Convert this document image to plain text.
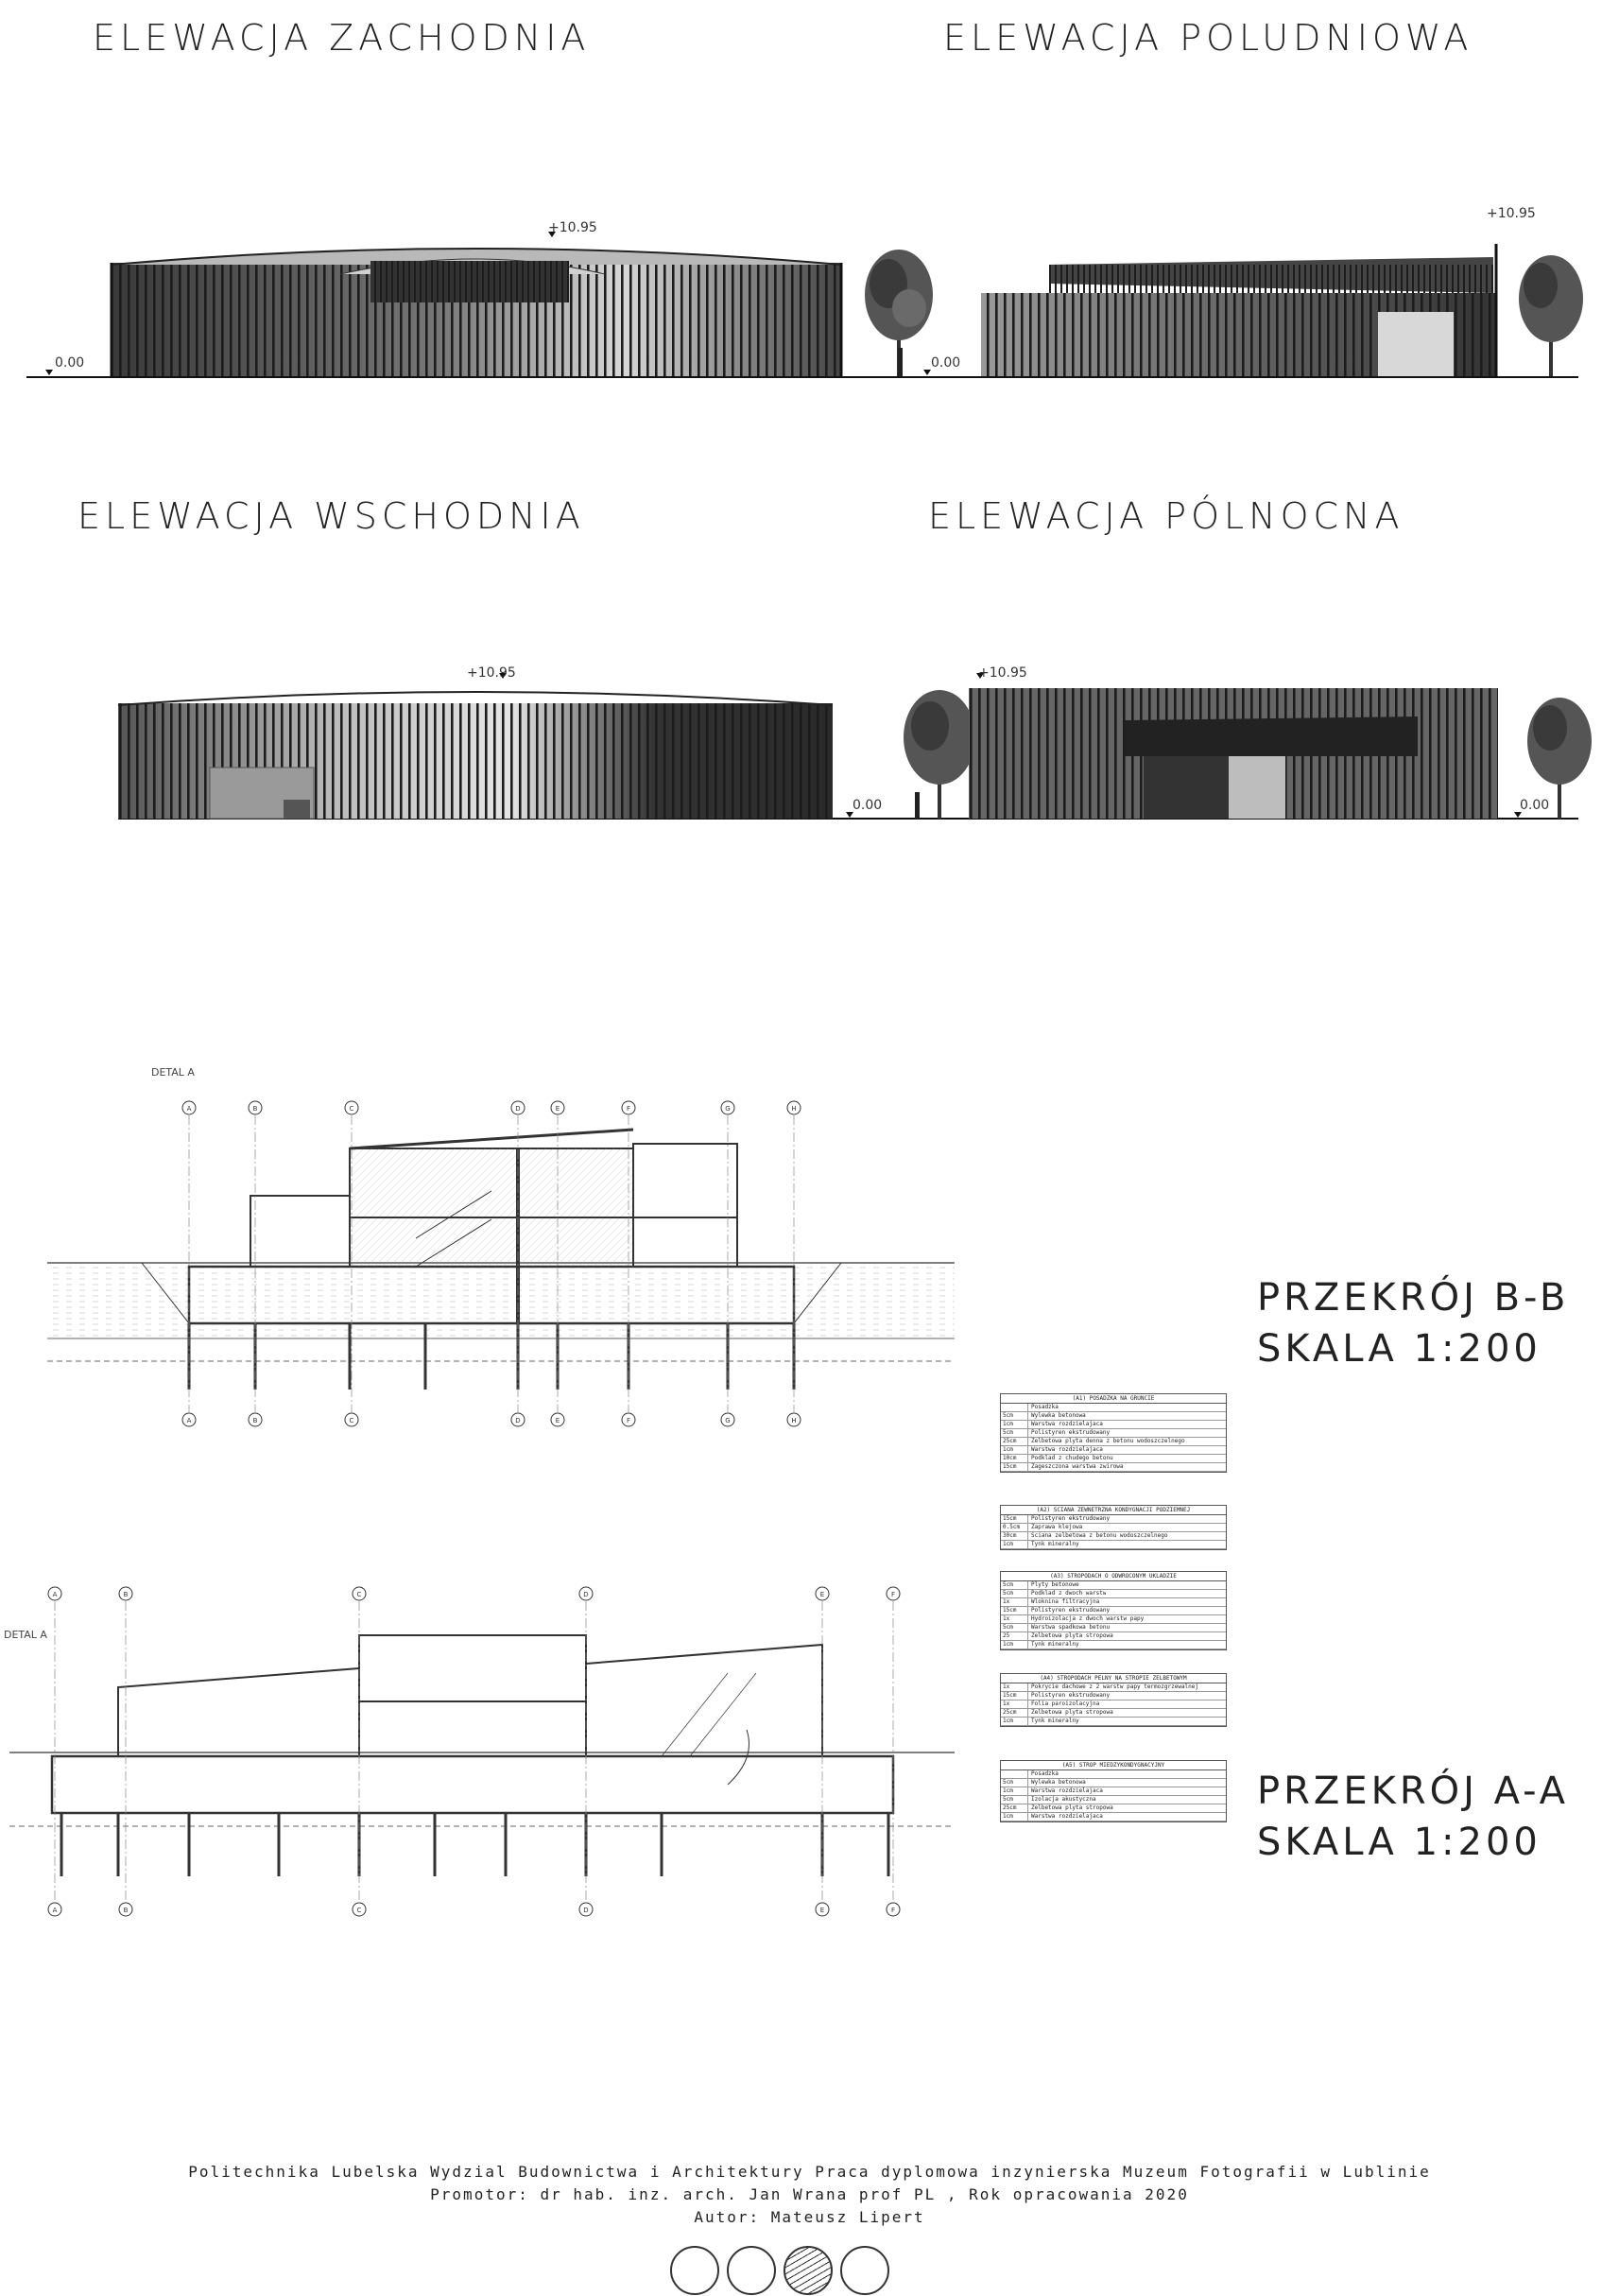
ELEWACJA ZACHODNIA	ELEWACJA POLUDNIOWA
ELEWACJA WSCHODNIA	ELEWACJA PÓLNOCNA
+10.95
0.00
+10.95
0.00
+10.95
0.00
+10.95
0.00
DETAL A
A
A
B
B
C
C
D
D
E
E
F
F
G
G
H
H
DETAL A
A
A
B
B
C
C
D
D
E
E
F
F
PRZEKRÓJ B-B
SKALA 1:200
PRZEKRÓJ A-A
SKALA 1:200
(A1) POSADZKA NA GRUNCIE
Posadzka
5cm	Wylewka betonowa
1cm	Warstwa rozdzielajaca
5cm	Polistyren ekstrudowany
25cm	Zelbetowa plyta denna z betonu wodoszczelnego
1cm	Warstwa rozdzielajaca
10cm	Podklad z chudego betonu
15cm	Zageszczona warstwa zwirowa
(A2) SCIANA ZEWNETRZNA KONDYGNACJI PODZIEMNEJ
15cm	Polistyren ekstrudowany
0.5cm	Zaprawa klejowa
30cm	Sciana zelbetowa z betonu wodoszczelnego
1cm	Tynk mineralny
(A3) STROPODACH O ODWROCONYM UKLADZIE
5cm	Plyty betonowe
5cm	Podklad z dwoch warstw
1x	Wloknina filtracyjna
15cm	Polistyren ekstrudowany
1x	Hydroizolacja z dwoch warstw papy
5cm	Warstwa spadkowa betonu
25	Zelbetowa plyta stropowa
1cm	Tynk mineralny
(A4) STROPODACH PELNY NA STROPIE ZELBETOWYM
1x	Pokrycie dachowe z 2 warstw papy termozgrzewalnej
15cm	Polistyren ekstrudowany
1x	Folia paroizolacyjna
25cm	Zelbetowa plyta stropowa
1cm	Tynk mineralny
(A5) STROP MIEDZYKONDYGNACYJNY
Posadzka
5cm	Wylewka betonowa
1cm	Warstwa rozdzielajaca
5cm	Izolacja akustyczna
25cm	Zelbetowa plyta stropowa
1cm	Warstwa rozdzielajaca
Politechnika Lubelska Wydzial Budownictwa i Architektury Praca dyplomowa inzynierska Muzeum Fotografii w Lublinie
Promotor: dr hab. inz. arch. Jan Wrana prof PL , Rok opracowania 2020
Autor: Mateusz Lipert
